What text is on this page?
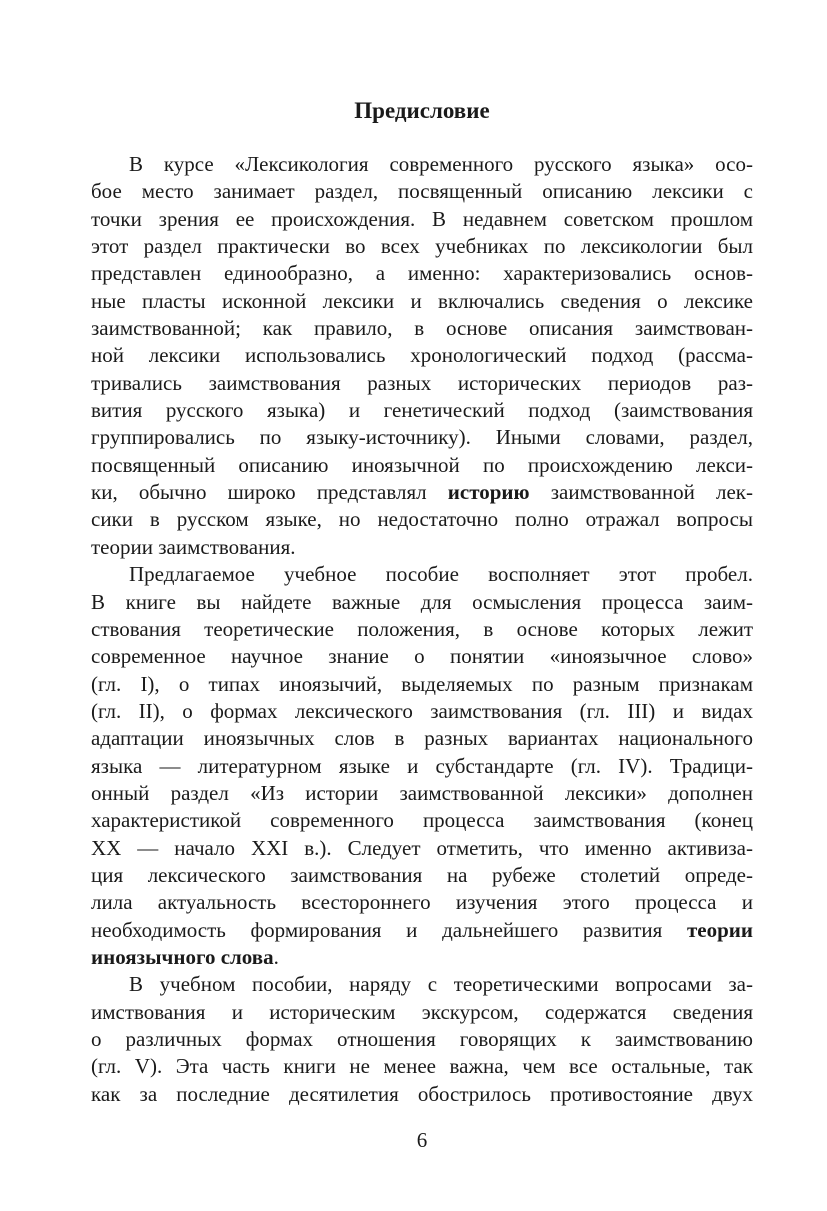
Предисловие
В курсе «Лексикология современного русского языка» осо-
бое место занимает раздел, посвященный описанию лексики с
точки зрения ее происхождения. В недавнем советском прошлом
этот раздел практически во всех учебниках по лексикологии был
представлен единообразно, а именно: характеризовались основ-
ные пласты исконной лексики и включались сведения о лексике
заимствованной; как правило, в основе описания заимствован-
ной лексики использовались хронологический подход (рассма-
тривались заимствования разных исторических периодов раз-
вития русского языка) и генетический подход (заимствования
группировались по языку-источнику). Иными словами, раздел,
посвященный описанию иноязычной по происхождению лекси-
ки, обычно широко представлял историю заимствованной лек-
сики в русском языке, но недостаточно полно отражал вопросы
теории заимствования.
Предлагаемое учебное пособие восполняет этот пробел.
В книге вы найдете важные для осмысления процесса заим-
ствования теоретические положения, в основе которых лежит
современное научное знание о понятии «иноязычное слово»
(гл. I), о типах иноязычий, выделяемых по разным признакам
(гл. II), о формах лексического заимствования (гл. III) и видах
адаптации иноязычных слов в разных вариантах национального
языка — литературном языке и субстандарте (гл. IV). Традици-
онный раздел «Из истории заимствованной лексики» дополнен
характеристикой современного процесса заимствования (конец
XX — начало XXI в.). Следует отметить, что именно активиза-
ция лексического заимствования на рубеже столетий опреде-
лила актуальность всестороннего изучения этого процесса и
необходимость формирования и дальнейшего развития теории
иноязычного слова.
В учебном пособии, наряду с теоретическими вопросами за-
имствования и историческим экскурсом, содержатся сведения
о различных формах отношения говорящих к заимствованию
(гл. V). Эта часть книги не менее важна, чем все остальные, так
как за последние десятилетия обострилось противостояние двух
6
